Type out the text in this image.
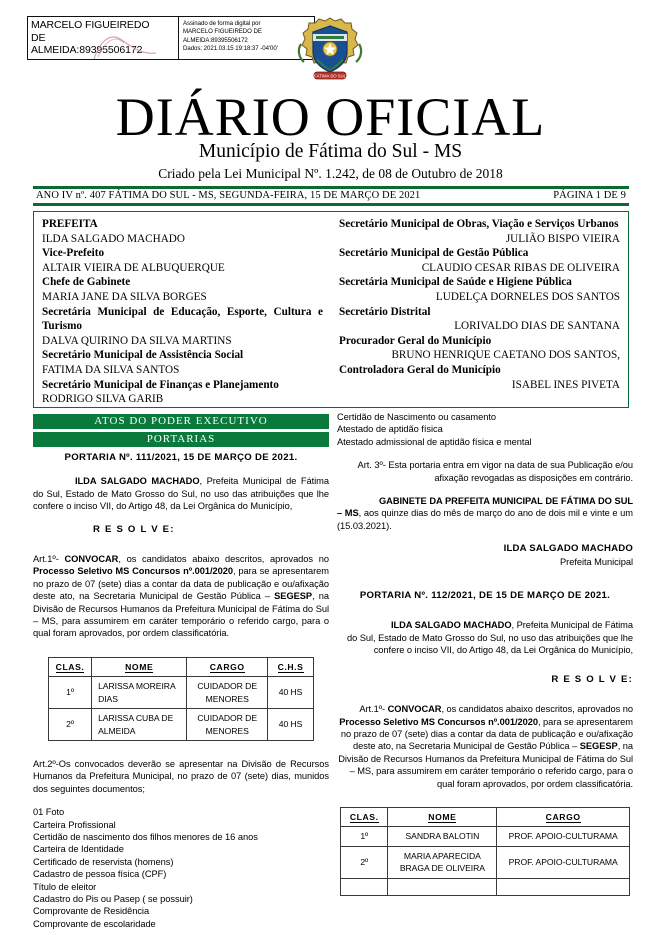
MARCELO FIGUEIREDO
DE
ALMEIDA:89395506172
Assinado de forma digital por
MARCELO FIGUEIREDO DE
ALMEIDA:89395506172
Dados: 2021.03.15 19:18:37 -04'00'
FÁTIMA DO SUL
DIÁRIO OFICIAL
Município de Fátima do Sul - MS
Criado pela Lei Municipal Nº. 1.242, de 08 de Outubro de 2018
ANO IV nº. 407 FÁTIMA DO SUL - MS, SEGUNDA-FEIRA, 15 DE MARÇO DE 2021	PÁGINA 1 DE 9
PREFEITA
ILDA SALGADO MACHADO
Vice-Prefeito
ALTAIR VIEIRA DE ALBUQUERQUE
Chefe de Gabinete
MARIA JANE DA SILVA BORGES
Secretária Municipal de Educação, Esporte, Cultura e Turismo
DALVA QUIRINO DA SILVA MARTINS
Secretário Municipal de Assistência Social
FATIMA DA SILVA SANTOS
Secretário Municipal de Finanças e Planejamento
RODRIGO SILVA GARIB
Secretário Municipal de Obras, Viação e Serviços Urbanos
JULIÃO BISPO VIEIRA
Secretário Municipal de Gestão Pública
CLAUDIO CESAR RIBAS DE OLIVEIRA
Secretária Municipal de Saúde e Higiene Pública
LUDELÇA DORNELES DOS SANTOS
Secretário Distrital
LORIVALDO DIAS DE SANTANA
Procurador Geral do Município
BRUNO HENRIQUE CAETANO DOS SANTOS,
Controladora Geral do Município
ISABEL INES PIVETA
ATOS DO PODER EXECUTIVO
PORTARIAS
PORTARIA Nº. 111/2021, 15 DE MARÇO DE 2021.
ILDA SALGADO MACHADO, Prefeita Municipal de Fátima do Sul, Estado de Mato Grosso do Sul, no uso das atribuições que lhe confere o inciso VII, do Artigo 48, da Lei Orgânica do Município,
R E S O L V E:
Art.1º- CONVOCAR, os candidatos abaixo descritos, aprovados no Processo Seletivo MS Concursos nº.001/2020, para se apresentarem no prazo de 07 (sete) dias a contar da data de publicação e ou/afixação deste ato, na Secretaria Municipal de Gestão Pública – SEGESP, na Divisão de Recursos Humanos da Prefeitura Municipal de Fátima do Sul – MS, para assumirem em caráter temporário o referido cargo, para o qual foram aprovados, por ordem classificatória.
CLAS.	NOME	CARGO	C.H.S
1º	LARISSA MOREIRA DIAS	CUIDADOR DE MENORES	40 HS
2º	LARISSA CUBA DE ALMEIDA	CUIDADOR DE MENORES	40 HS
Art.2º-Os convocados deverão se apresentar na Divisão de Recursos Humanos da Prefeitura Municipal, no prazo de 07 (sete) dias, munidos dos seguintes documentos;
01 Foto
Carteira Profissional
Certidão de nascimento dos filhos menores de 16 anos
Carteira de Identidade
Certificado de reservista (homens)
Cadastro de pessoa física (CPF)
Título de eleitor
Cadastro do Pis ou Pasep ( se possuir)
Comprovante de Residência
Comprovante de escolaridade
Certidão de Nascimento ou casamento
Atestado de aptidão física
Atestado admissional de aptidão física e mental
Art. 3º- Esta portaria entra em vigor na data de sua Publicação e/ou afixação revogadas as disposições em contrário.
GABINETE DA PREFEITA MUNICIPAL DE FÁTIMA DO SUL – MS, aos quinze dias do mês de março do ano de dois mil e vinte e um (15.03.2021).
ILDA SALGADO MACHADO
Prefeita Municipal
PORTARIA Nº. 112/2021, DE 15 DE MARÇO DE 2021.
ILDA SALGADO MACHADO, Prefeita Municipal de Fátima do Sul, Estado de Mato Grosso do Sul, no uso das atribuições que lhe confere o inciso VII, do Artigo 48, da Lei Orgânica do Município,
R E S O L V E:
Art.1º- CONVOCAR, os candidatos abaixo descritos, aprovados no Processo Seletivo MS Concursos nº.001/2020, para se apresentarem no prazo de 07 (sete) dias a contar da data de publicação e ou/afixação deste ato, na Secretaria Municipal de Gestão Pública – SEGESP, na Divisão de Recursos Humanos da Prefeitura Municipal de Fátima do Sul – MS, para assumirem em caráter temporário o referido cargo, para o qual foram aprovados, por ordem classificatória.
CLAS.	NOME	CARGO
1º	SANDRA BALOTIN	PROF. APOIO-CULTURAMA
2º	MARIA APARECIDA BRAGA DE OLIVEIRA	PROF. APOIO-CULTURAMA
